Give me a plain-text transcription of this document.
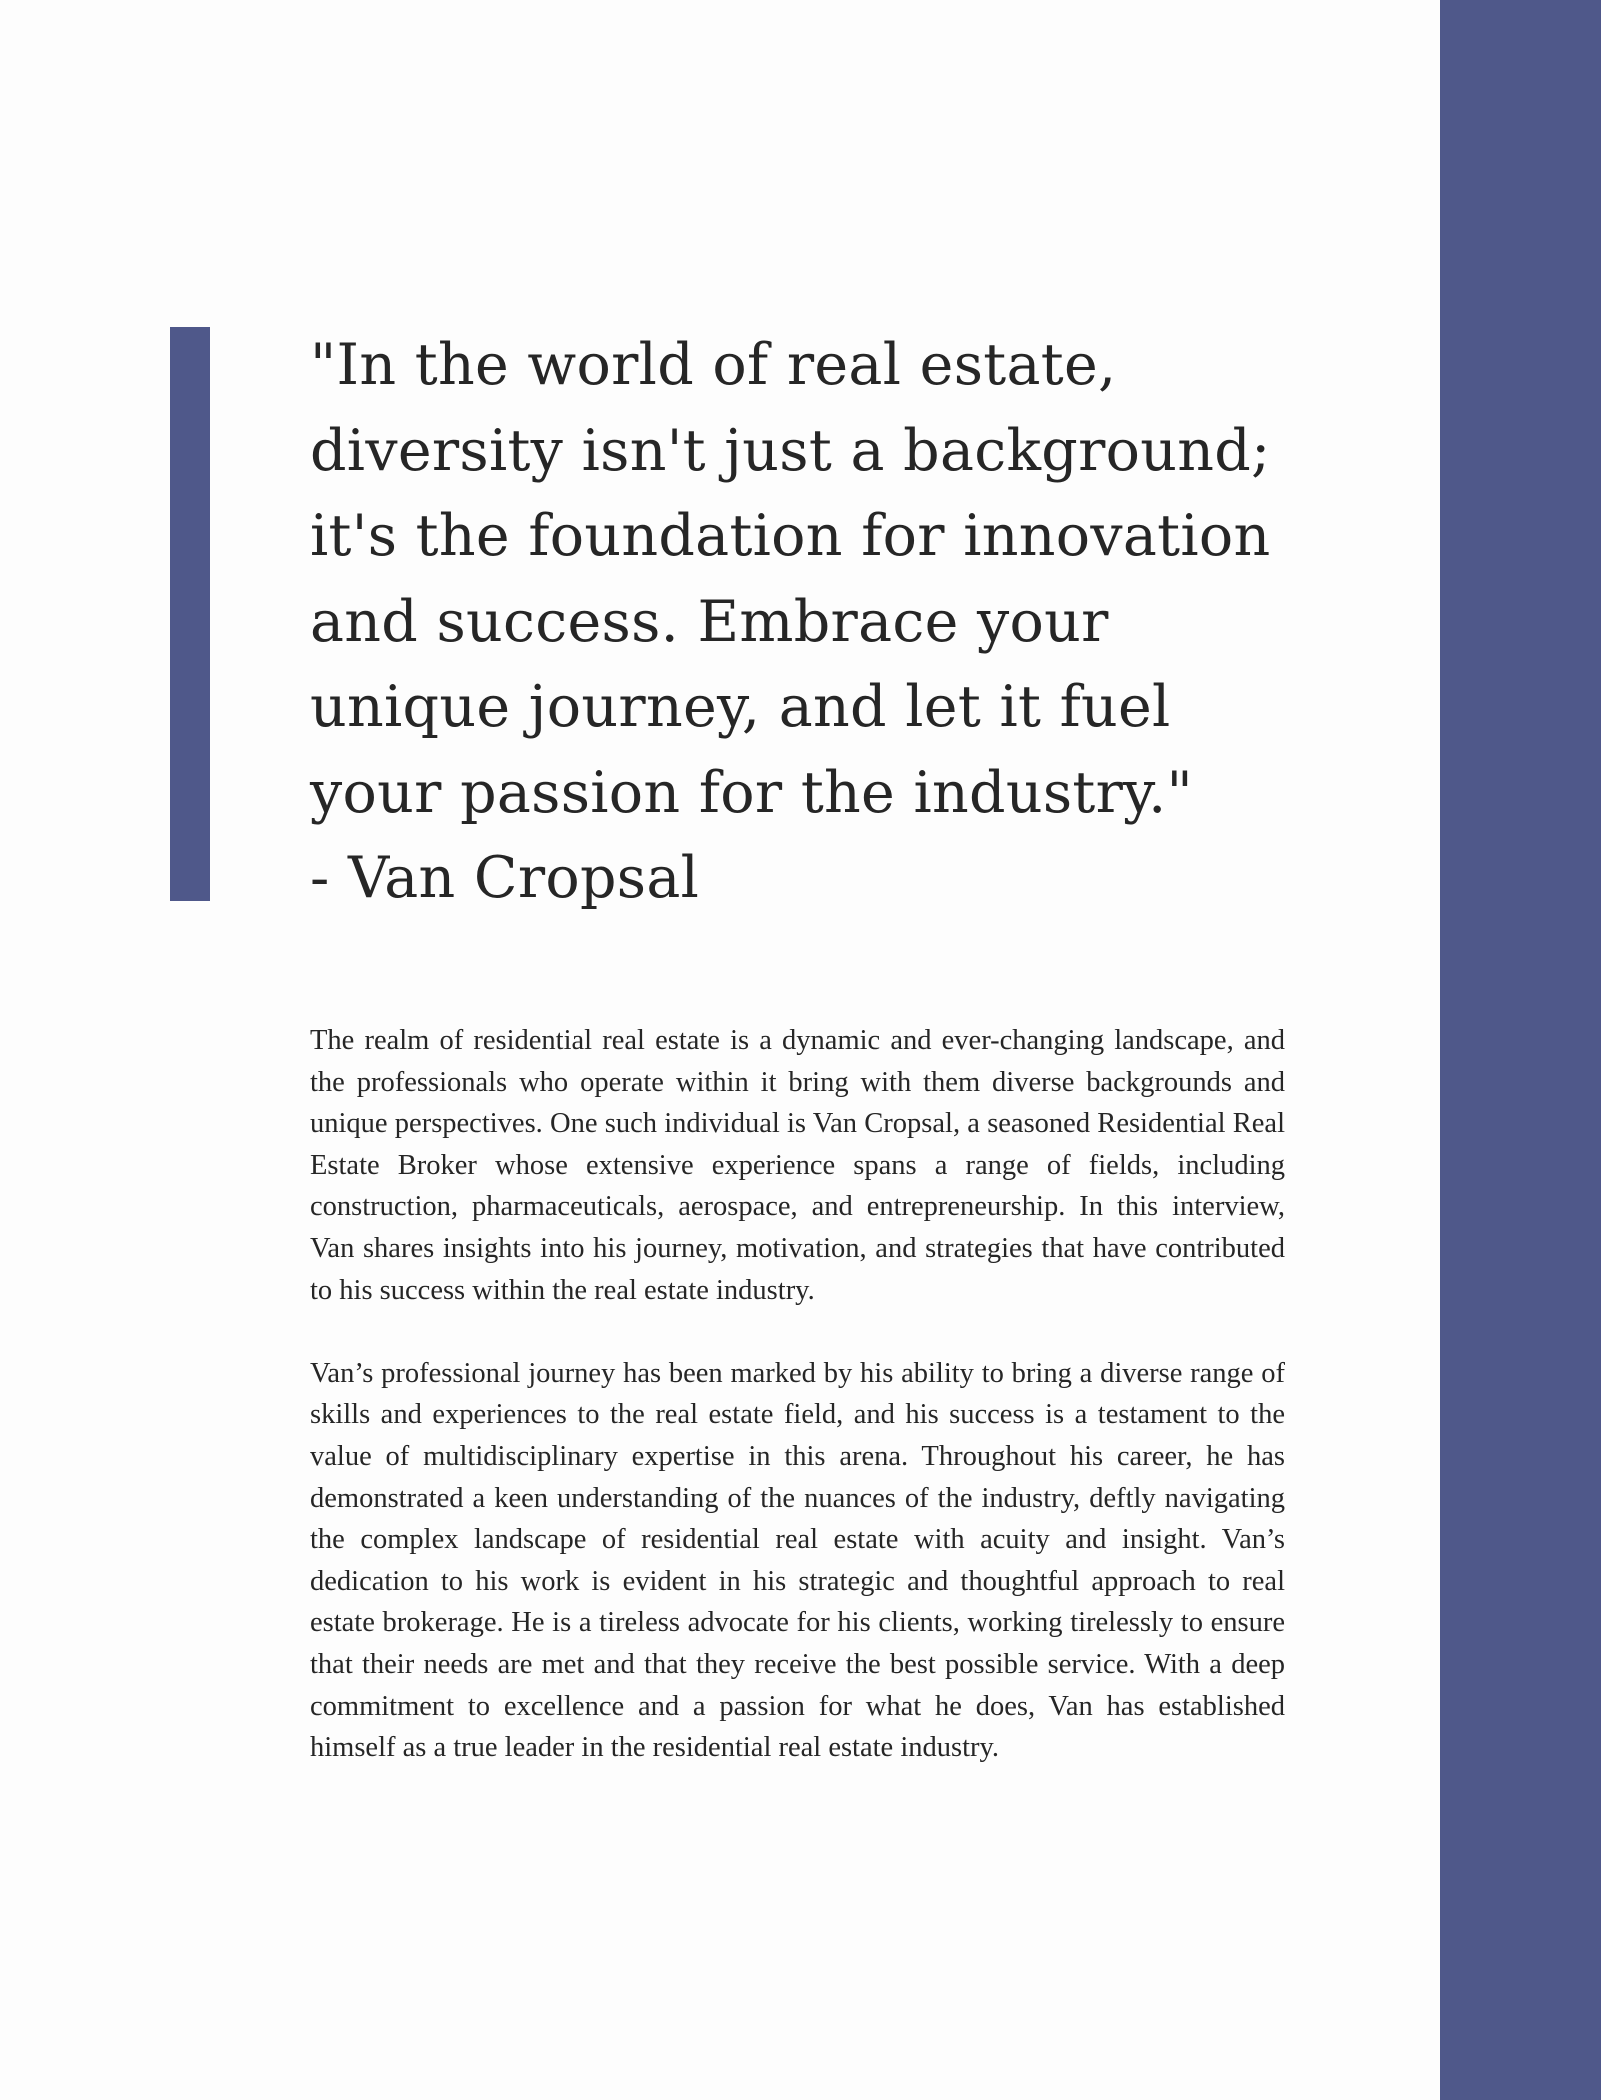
"In the world of real estate,
diversity isn't just a background;
it's the foundation for innovation
and success. Embrace your
unique journey, and let it fuel
your passion for the industry."
- Van Cropsal

The realm of residential real estate is a dynamic and ever-changing landscape, and the professionals who operate within it bring with them diverse backgrounds and unique perspectives. One such individual is Van Cropsal, a seasoned Residential Real Estate Broker whose extensive experience spans a range of fields, including construction, pharmaceuticals, aerospace, and entrepreneurship. In this interview, Van shares insights into his journey, motivation, and strategies that have contributed to his success within the real estate industry.

Van’s professional journey has been marked by his ability to bring a diverse range of skills and experiences to the real estate field, and his success is a testament to the value of multidisciplinary expertise in this arena. Throughout his career, he has demonstrated a keen understanding of the nuances of the industry, deftly navigating the complex landscape of residential real estate with acuity and insight. Van’s dedication to his work is evident in his strategic and thoughtful approach to real estate brokerage. He is a tireless advocate for his clients, working tirelessly to ensure that their needs are met and that they receive the best possible service. With a deep commitment to excellence and a passion for what he does, Van has established himself as a true leader in the residential real estate industry.
